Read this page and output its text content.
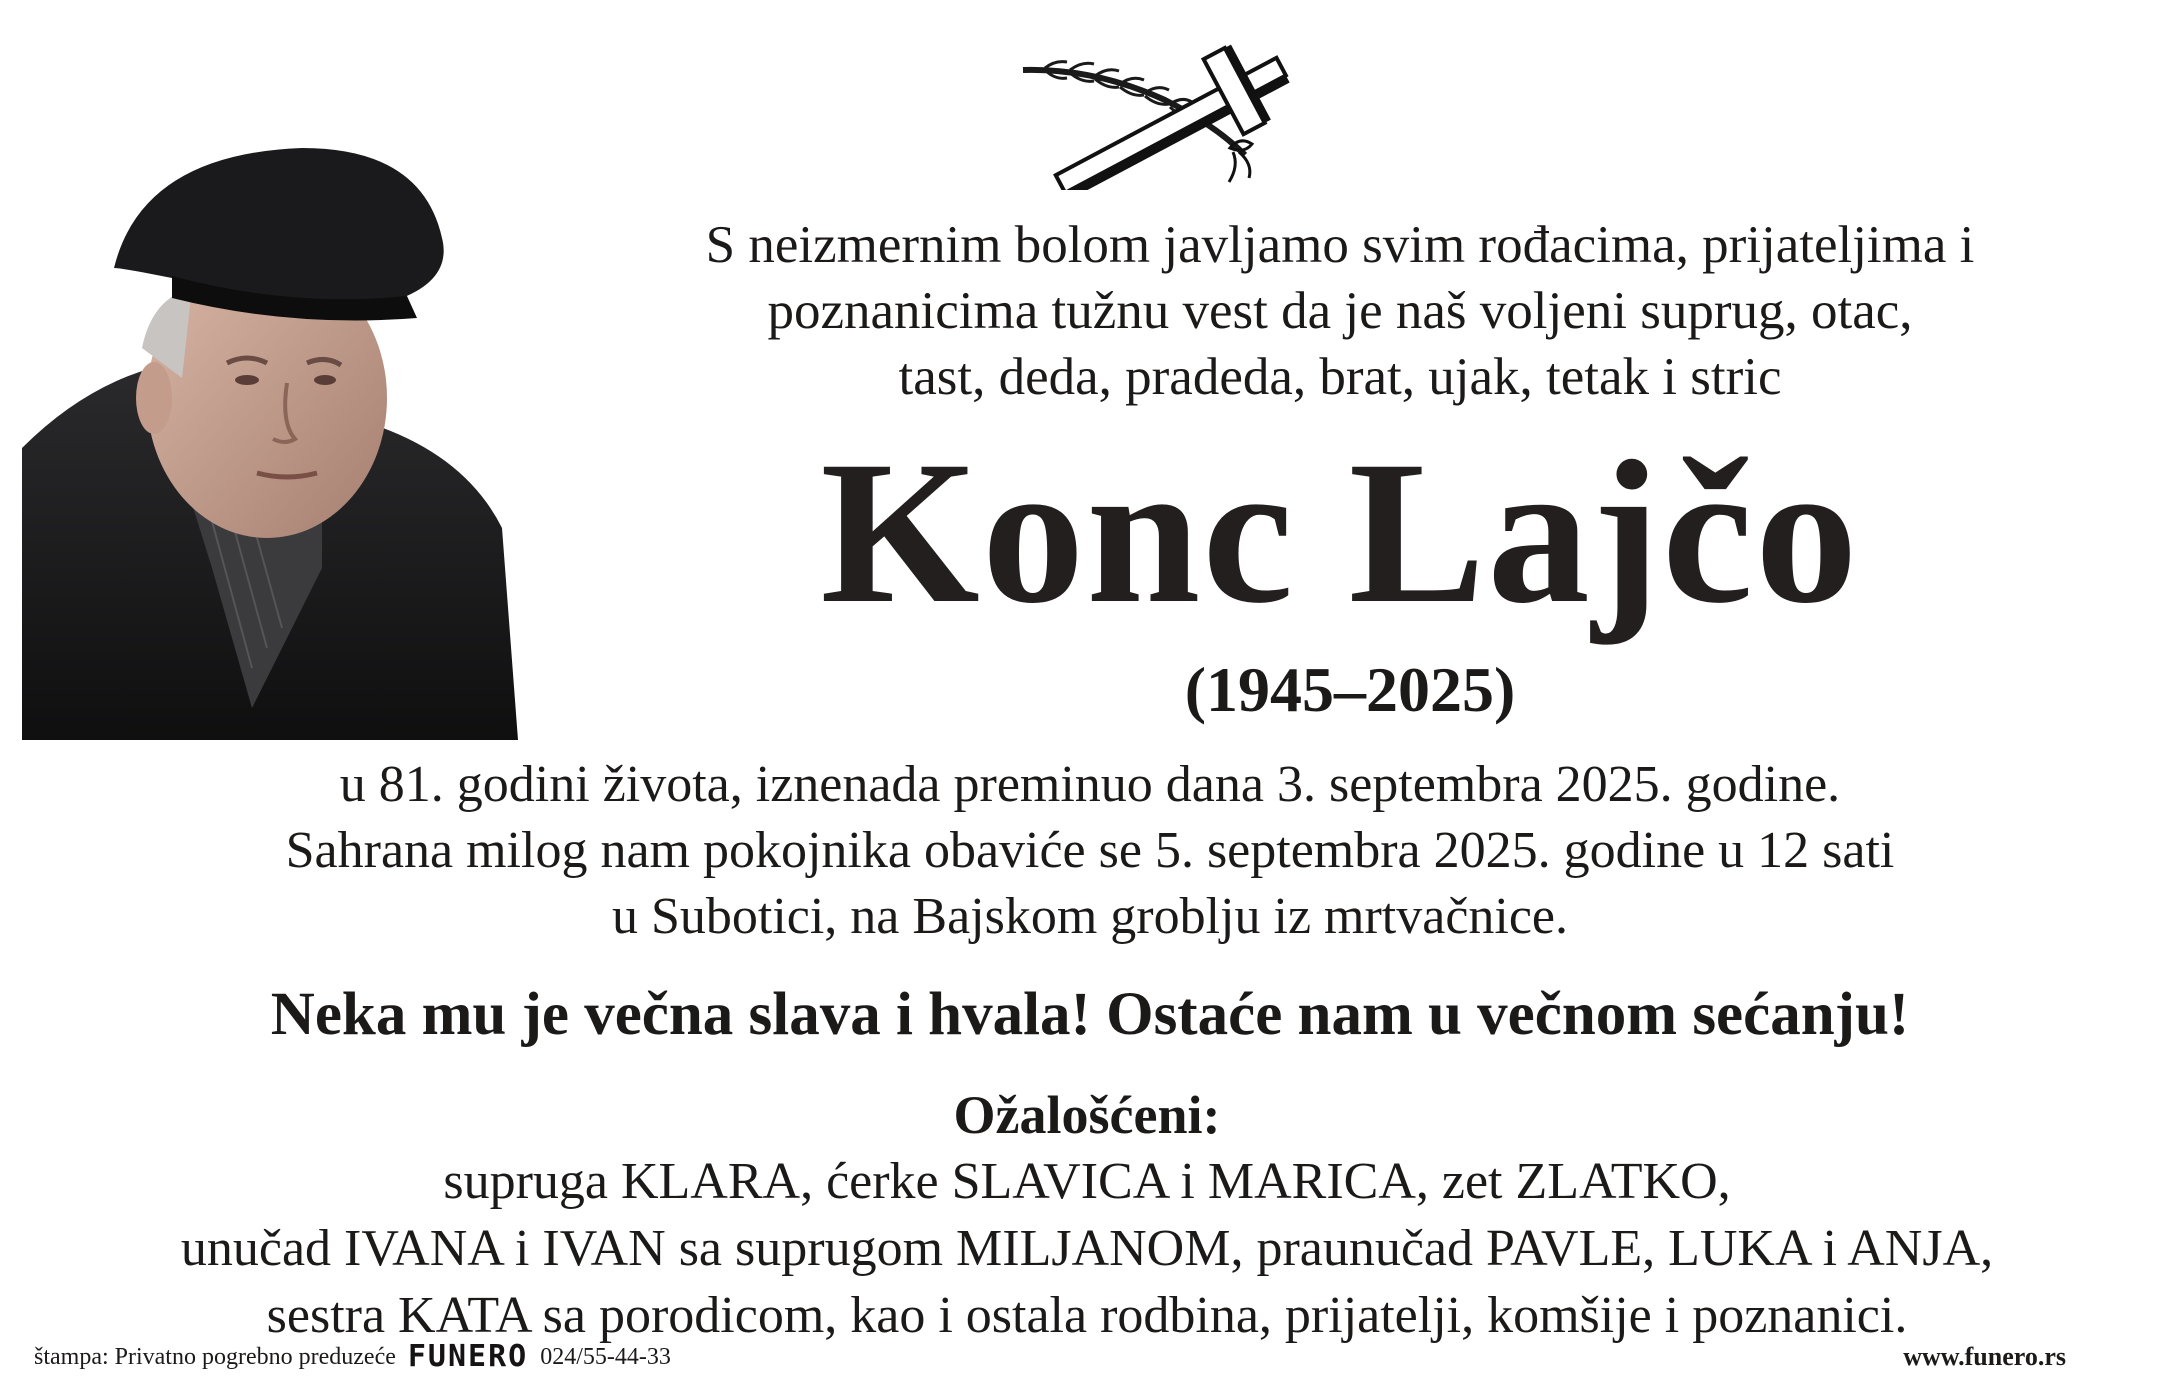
S neizmernim bolom javljamo svim rođacima, prijateljima i
poznanicima tužnu vest da je naš voljeni suprug, otac,
tast, deda, pradeda, brat, ujak, tetak i stric
Konc Lajčo
(1945–2025)
u 81. godini života, iznenada preminuo dana 3. septembra 2025. godine.
Sahrana milog nam pokojnika obaviće se 5. septembra 2025. godine u 12 sati
u Subotici, na Bajskom groblju iz mrtvačnice.
Neka mu je večna slava i hvala! Ostaće nam u večnom sećanju!
Ožalošćeni:
supruga KLARA, ćerke SLAVICA i MARICA, zet ZLATKO,
unučad IVANA i IVAN sa suprugom MILJANOM, praunučad PAVLE, LUKA i ANJA,
sestra KATA sa porodicom, kao i ostala rodbina, prijatelji, komšije i poznanici.
štampa: Privatno pogrebno preduzeće FUNERO 024/55-44-33	www.funero.rs
